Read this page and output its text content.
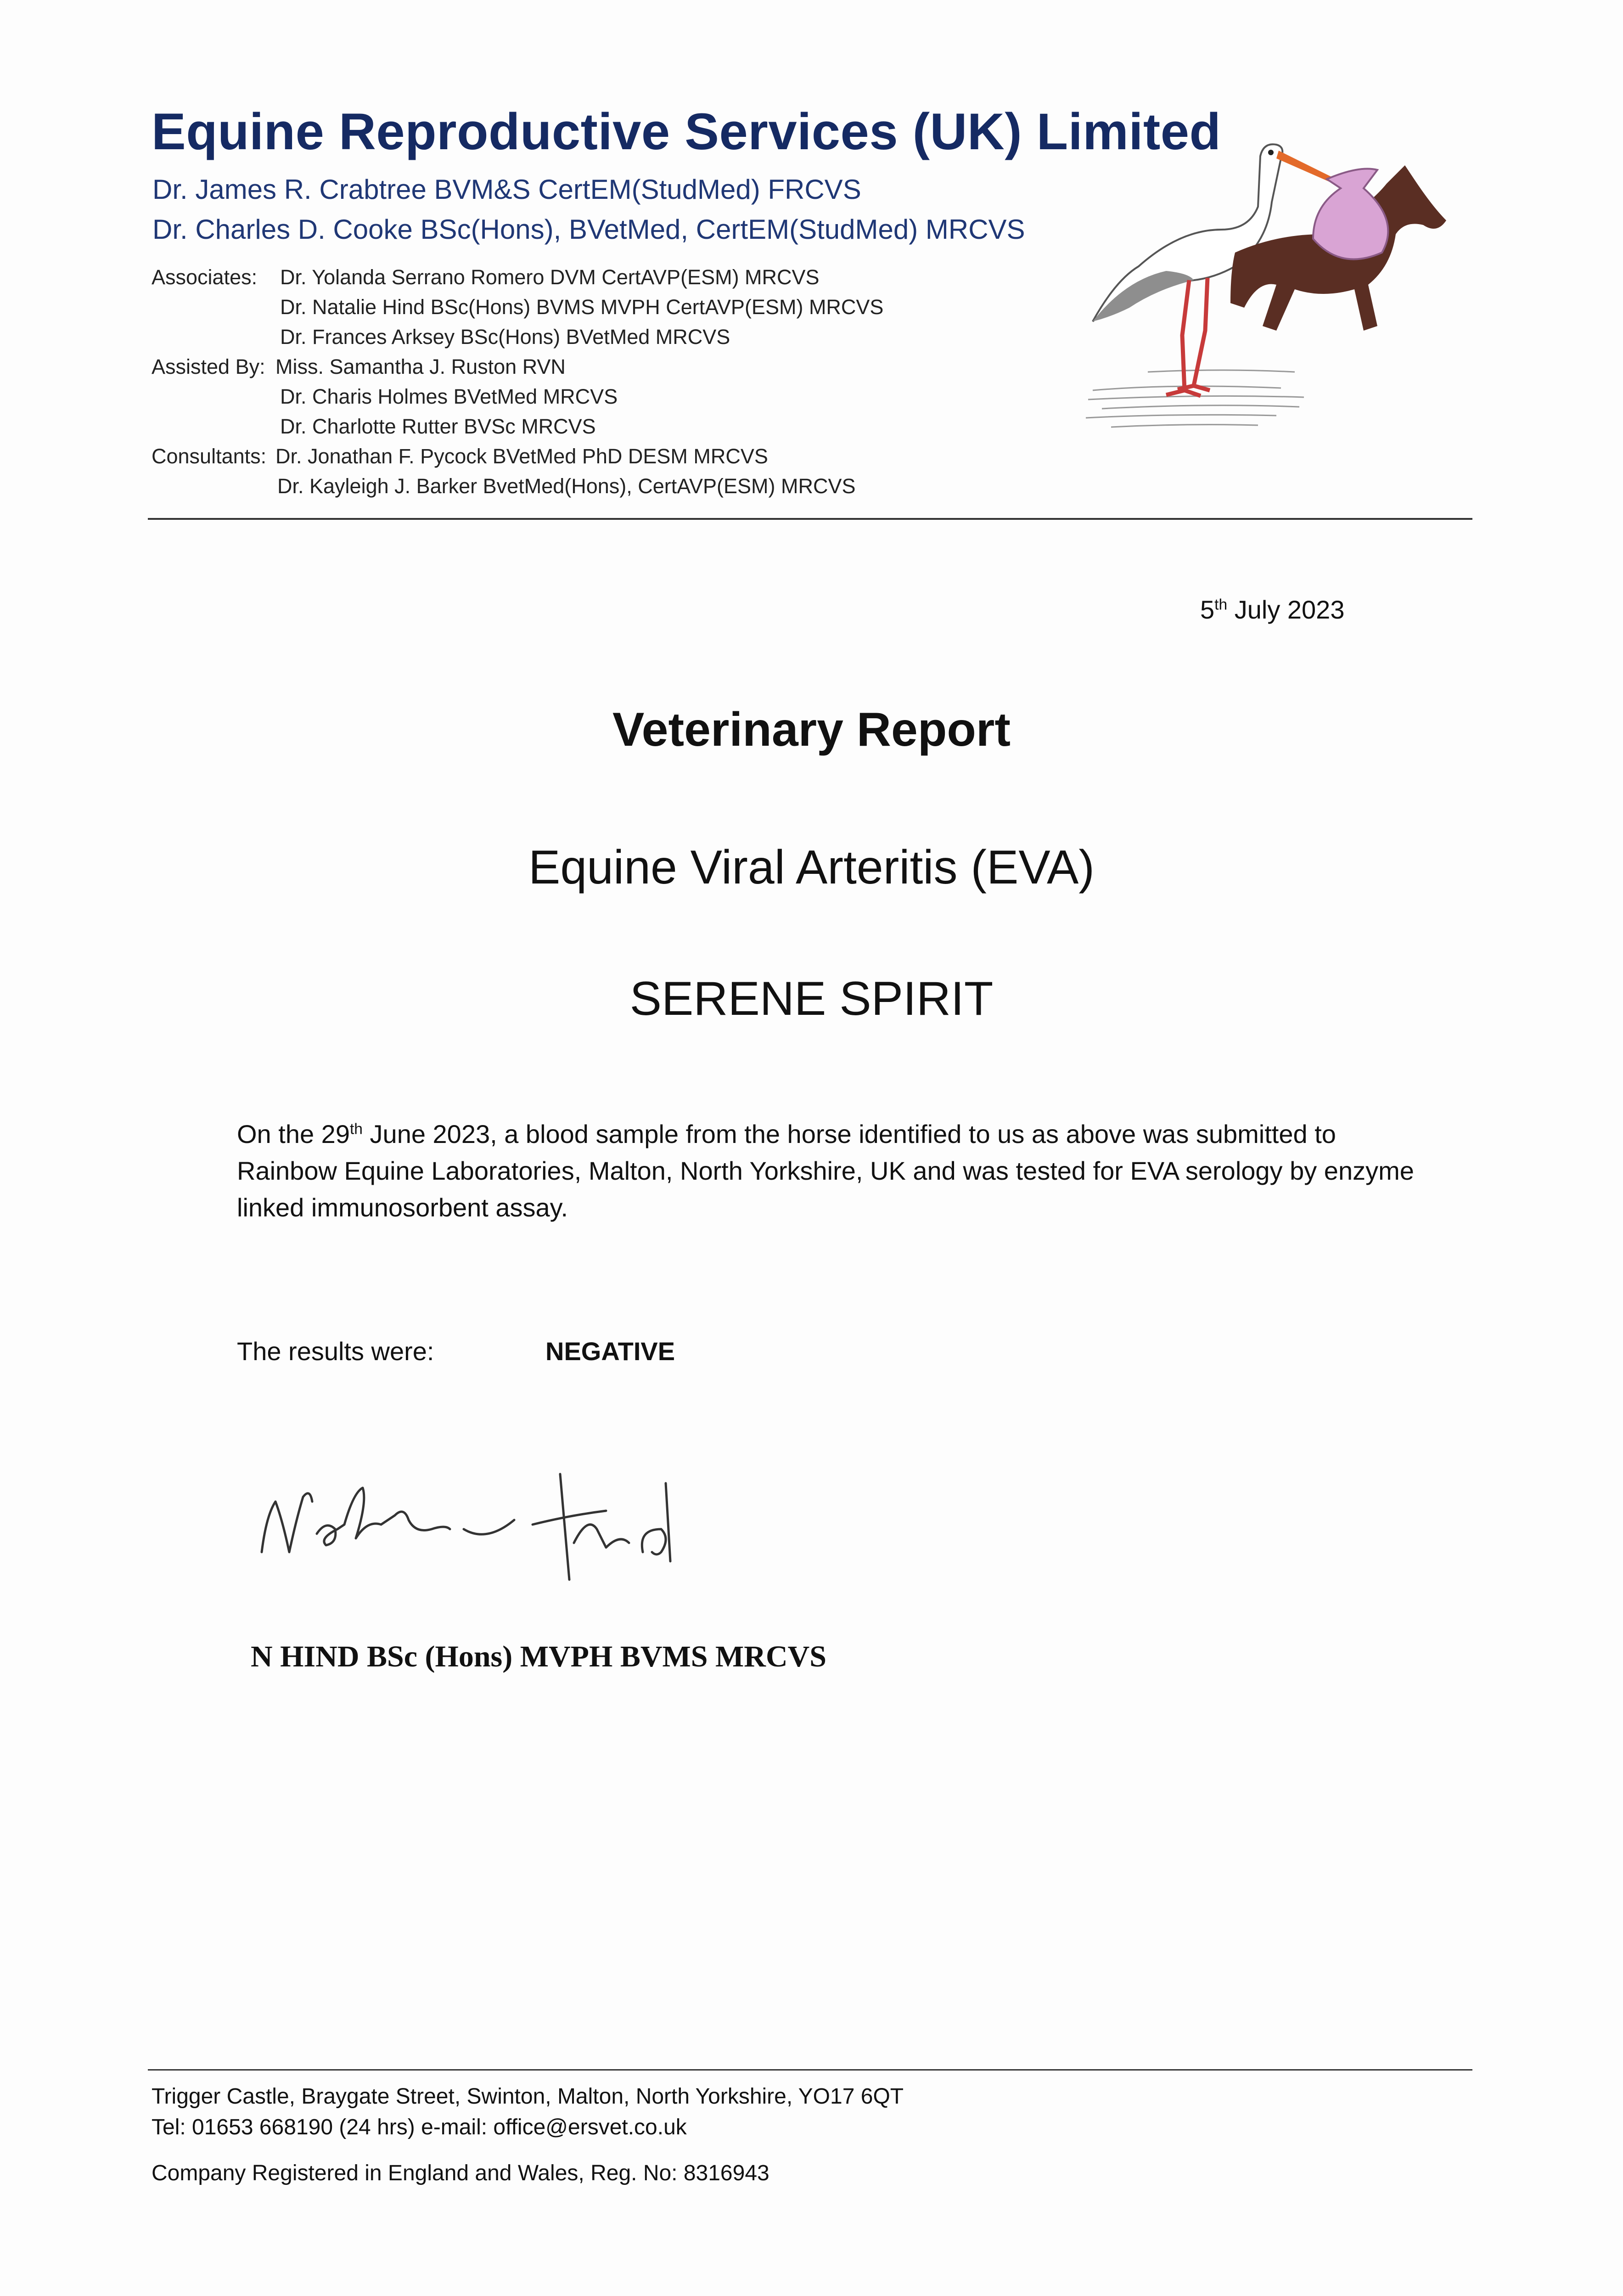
Equine Reproductive Services (UK) Limited
Dr. James R. Crabtree BVM&S CertEM(StudMed) FRCVS
Dr. Charles D. Cooke BSc(Hons), BVetMed, CertEM(StudMed) MRCVS
Associates: Dr. Yolanda Serrano Romero DVM CertAVP(ESM) MRCVS
Dr. Natalie Hind BSc(Hons) BVMS MVPH CertAVP(ESM) MRCVS
Dr. Frances Arksey BSc(Hons) BVetMed MRCVS
Assisted By: Miss. Samantha J. Ruston RVN
Dr. Charis Holmes BVetMed MRCVS
Dr. Charlotte Rutter BVSc MRCVS
Consultants: Dr. Jonathan F. Pycock BVetMed PhD DESM MRCVS
Dr. Kayleigh J. Barker BvetMed(Hons), CertAVP(ESM) MRCVS
5th July 2023
Veterinary Report
Equine Viral Arteritis (EVA)
SERENE SPIRIT
On the 29th June 2023, a blood sample from the horse identified to us as above was submitted to Rainbow Equine Laboratories, Malton, North Yorkshire, UK and was tested for EVA serology by enzyme linked immunosorbent assay.
The results were:	NEGATIVE
N HIND BSc (Hons) MVPH BVMS MRCVS
Trigger Castle, Braygate Street, Swinton, Malton, North Yorkshire, YO17 6QT
Tel: 01653 668190 (24 hrs) e-mail: office@ersvet.co.uk
Company Registered in England and Wales, Reg. No: 8316943
